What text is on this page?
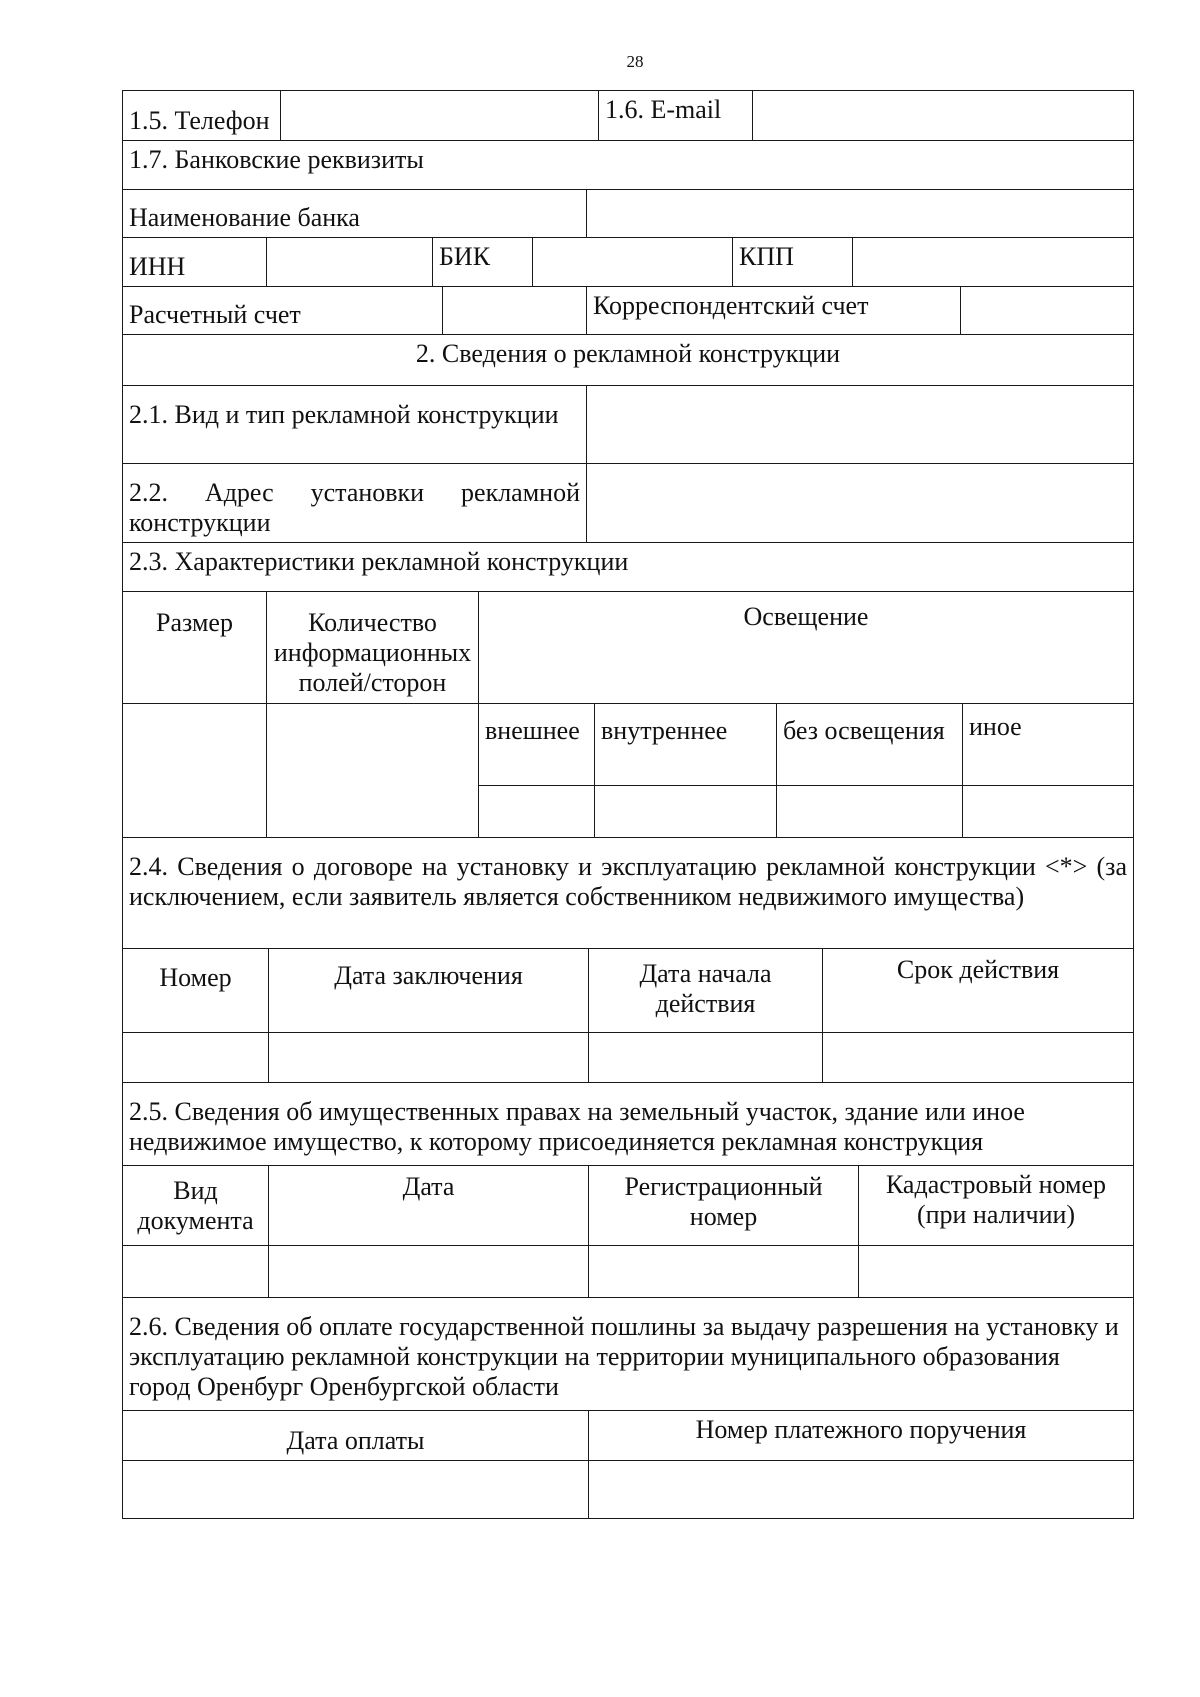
28
1.5. Телефон		1.6. E-mail	
1.7. Банковские реквизиты
Наименование банка	
ИНН		БИК		КПП	
Расчетный счет		Корреспондентский счет	
2. Сведения о рекламной конструкции
2.1. Вид и тип рекламной конструкции	
2.2. Адрес установки рекламной конструкции	
2.3. Характеристики рекламной конструкции
Размер	Количество информационных полей/сторон	Освещение			
		внешнее	внутреннее	без освещения	иное

2.4. Сведения о договоре на установку и эксплуатацию рекламной конструкции <*> (за исключением, если заявитель является собственником недвижимого имущества)
Номер	Дата заключения	Дата начала действия	Срок действия

2.5. Сведения об имущественных правах на земельный участок, здание или иное недвижимое имущество, к которому присоединяется рекламная конструкция
Вид документа	Дата	Регистрационный номер	Кадастровый номер (при наличии)

2.6. Сведения об оплате государственной пошлины за выдачу разрешения на установку и эксплуатацию рекламной конструкции на территории муниципального образования город Оренбург Оренбургской области
Дата оплаты	Номер платежного поручения
